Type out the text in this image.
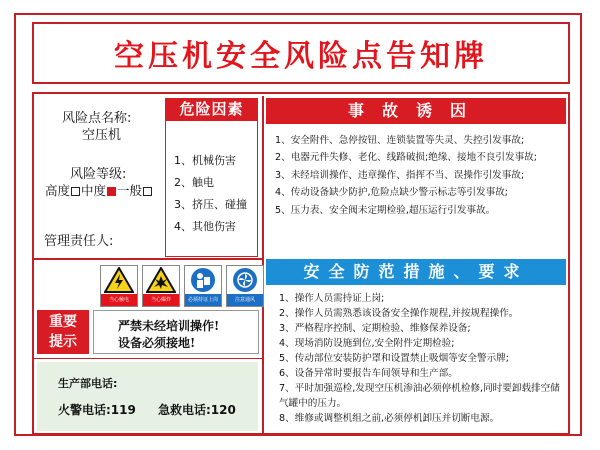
空压机安全风险点告知牌
风险点名称:
空压机
风险等级:
高度 中度 一般
管理责任人:
危险因素
1、机械伤害
2、触电
3、挤压、碰撞
4、其他伤害
事故诱因
1、安全附件、急停按钮、连锁装置等失灵、失控引发事故;
2、电器元件失修、老化、线路破损;绝缘、接地不良引发事故;
3、未经培训操作、违章操作、指挥不当、误操作引发事故;
4、传动设备缺少防护,危险点缺少警示标志等引发事故;
5、压力表、安全阀未定期检验,超压运行引发事故。
安全防范措施、要求
1、操作人员需持证上岗;
2、操作人员需熟悉该设备安全操作规程,并按规程操作。
3、严格程序控制、定期检验、维修保养设备;
4、现场消防设施到位,安全附件定期检验;
5、传动部位安装防护罩和设置禁止吸烟等安全警示牌;
6、设备异常时要报告车间领导和生产部。
7、平时加强巡检,发现空压机渗油必须停机检修,同时要卸载排空储气罐中的压力。
8、维修或调整机组之前,必须停机卸压并切断电源。
当心触电	当心爆炸	必须持证上岗	注意通风
重要
提示
严禁未经培训操作!
设备必须接地!
生产部电话:
火警电话:119 急救电话:120
